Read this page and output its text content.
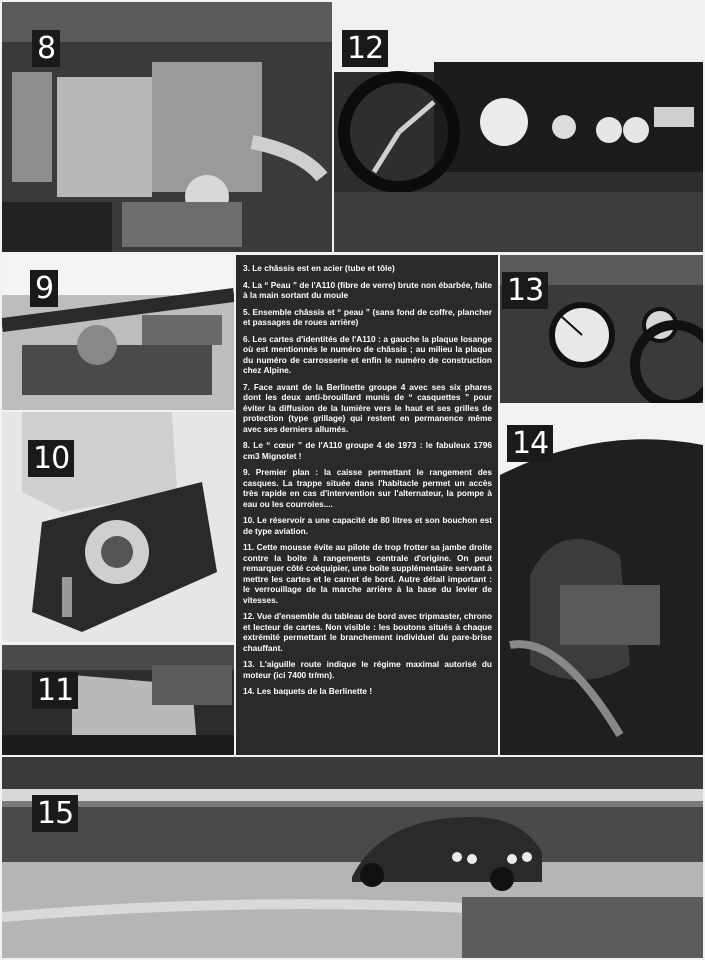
8	12
9
10
11

3. Le châssis est en acier (tube et tôle)

4. La “ Peau ” de l'A110 (fibre de verre) brute non ébarbée, faite à la main sortant du moule

5. Ensemble châssis et “ peau ” (sans fond de coffre, plancher et passages de roues arrière)

6. Les cartes d'identités de l'A110 : a gauche la plaque losange où est mentionnés le numéro de châssis ; au milieu la plaque du numéro de carrosserie et enfin le numéro de construction chez Alpine.

7. Face avant de la Berlinette groupe 4 avec ses six phares dont les deux anti-brouillard munis de “ casquettes ” pour éviter la diffusion de la lumière vers le haut et ses grilles de protection (type grillage) qui restent en permanence même avec ses derniers allumés.

8. Le “ cœur ” de l'A110 groupe 4 de 1973 : le fabuleux 1796 cm3 Mignotet !

9. Premier plan : la caisse permettant le rangement des casques. La trappe située dans l'habitacle permet un accès très rapide en cas d'intervention sur l'alternateur, la pompe à eau ou les courroies....

10. Le réservoir a une capacité de 80 litres et son bouchon est de type aviation.

11. Cette mousse évite au pilote de trop frotter sa jambe droite contre la boite à rangements centrale d'origine. On peut remarquer côté coéquipier, une boîte supplémentaire servant à mettre les cartes et le carnet de bord. Autre détail important : le verrouillage de la marche arrière à la base du levier de vitesses.

12. Vue d'ensemble du tableau de bord avec tripmaster, chrono et lecteur de cartes. Non visible : les boutons situés à chaque extrémité permettant le branchement individuel du pare-brise chauffant.

13. L'aiguille route indique le régime maximal autorisé du moteur (ici 7400 tr/mn).

14. Les baquets de la Berlinette !

13
14
15
